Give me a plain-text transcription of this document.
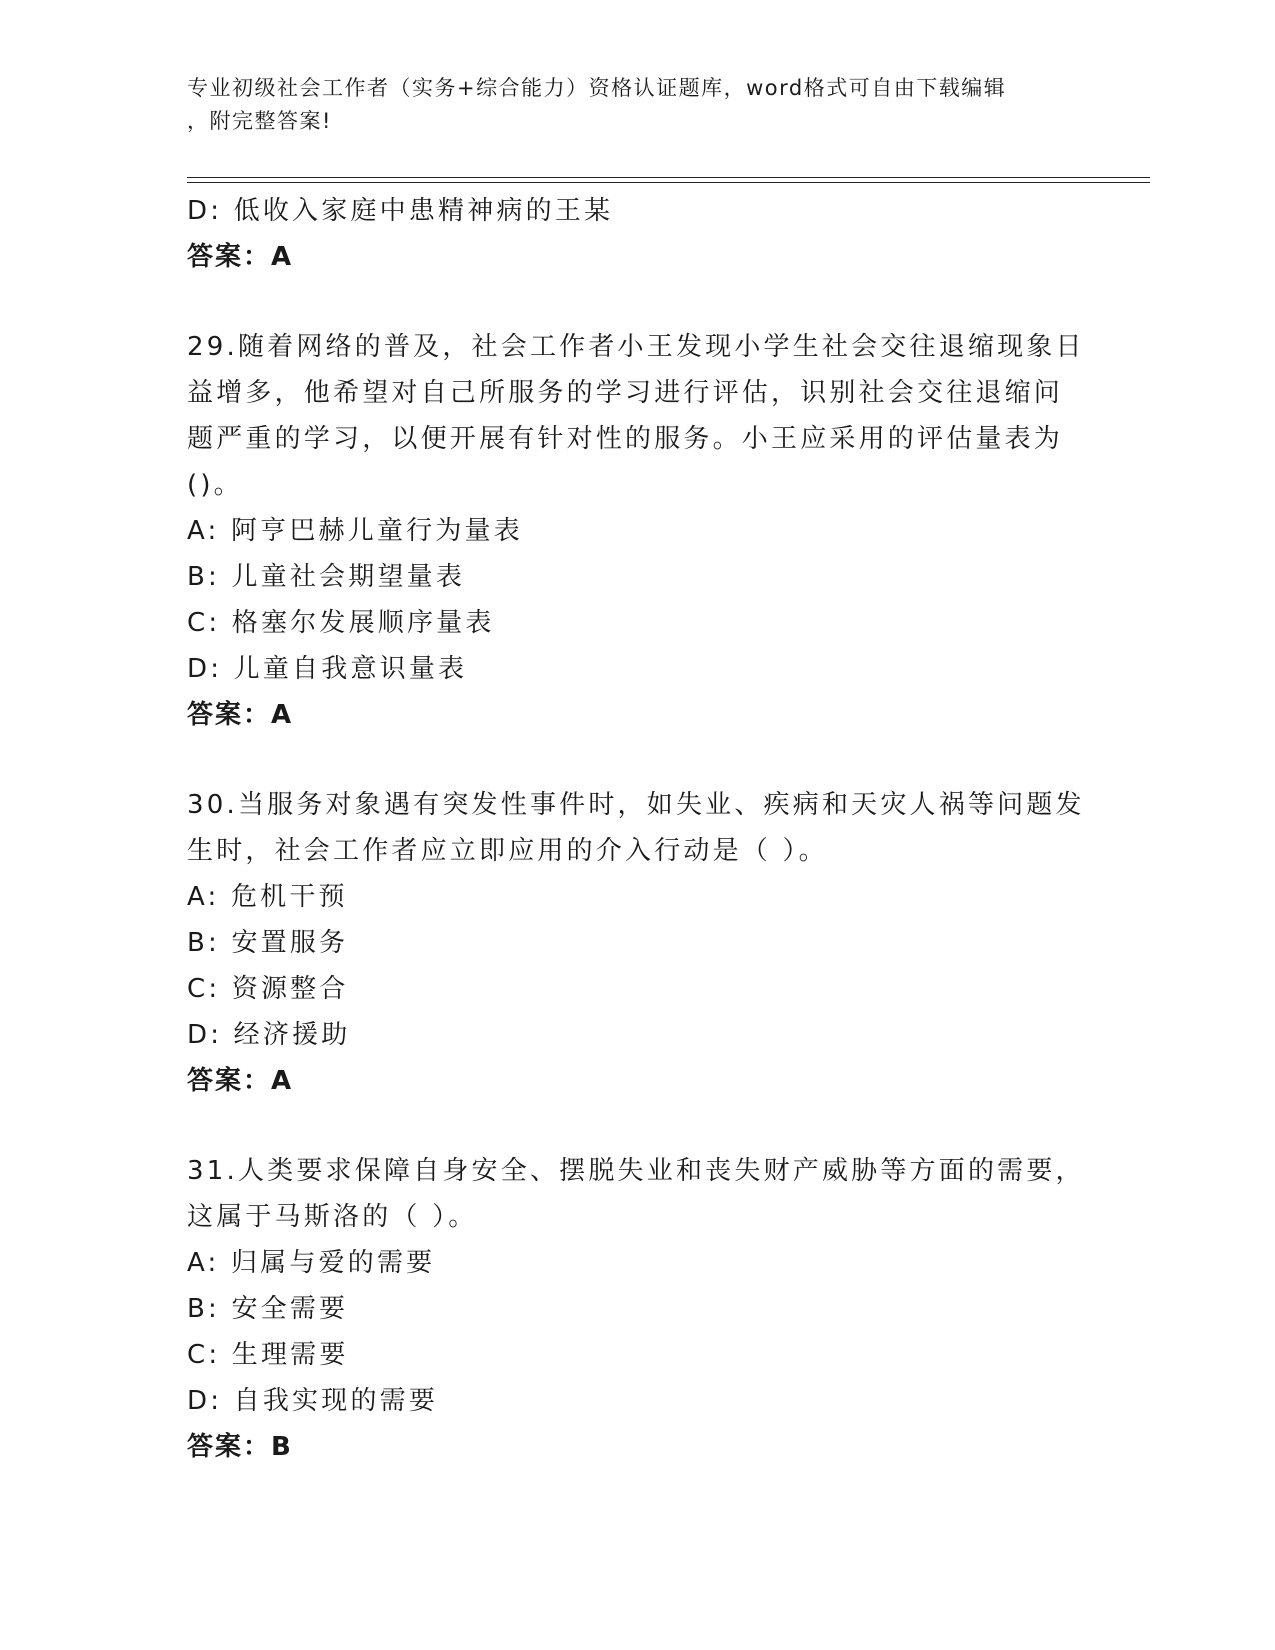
专业初级社会工作者（实务+综合能力）资格认证题库，word格式可自由下载编辑
，附完整答案!
D: 低收入家庭中患精神病的王某
答案：A
29.随着网络的普及，社会工作者小王发现小学生社会交往退缩现象日
益增多，他希望对自己所服务的学习进行评估，识别社会交往退缩问
题严重的学习，以便开展有针对性的服务。小王应采用的评估量表为
()。
A: 阿亨巴赫儿童行为量表
B: 儿童社会期望量表
C: 格塞尔发展顺序量表
D: 儿童自我意识量表
答案：A
30.当服务对象遇有突发性事件时，如失业、疾病和天灾人祸等问题发
生时，社会工作者应立即应用的介入行动是（ ）。
A: 危机干预
B: 安置服务
C: 资源整合
D: 经济援助
答案：A
31.人类要求保障自身安全、摆脱失业和丧失财产威胁等方面的需要，
这属于马斯洛的（ ）。
A: 归属与爱的需要
B: 安全需要
C: 生理需要
D: 自我实现的需要
答案：B
